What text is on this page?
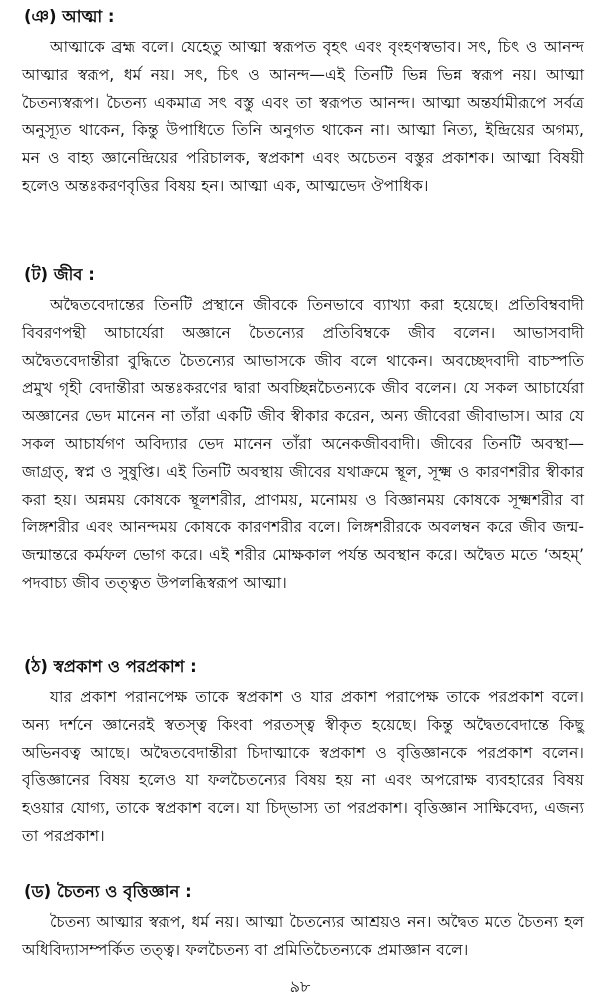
(ঞ) আত্মা :

আত্মাকে ব্রহ্ম বলে। যেহেতু আত্মা স্বরূপত বৃহৎ এবং বৃংহণস্বভাব। সৎ, চিৎ ও আনন্দ আত্মার স্বরূপ, ধর্ম নয়। সৎ, চিৎ ও আনন্দ—এই তিনটি ভিন্ন ভিন্ন স্বরূপ নয়। আত্মা চৈতন্যস্বরূপ। চৈতন্য একমাত্র সৎ বস্তু এবং তা স্বরূপত আনন্দ। আত্মা অন্তর্যামীরূপে সর্বত্র অনুস্যূত থাকেন, কিন্তু উপাধিতে তিনি অনুগত থাকেন না। আত্মা নিত্য, ইন্দ্রিয়ের অগম্য, মন ও বাহ্য জ্ঞানেন্দ্রিয়ের পরিচালক, স্বপ্রকাশ এবং অচেতন বস্তুর প্রকাশক। আত্মা বিষয়ী হলেও অন্তঃকরণবৃত্তির বিষয় হন। আত্মা এক, আত্মভেদ ঔপাধিক।

(ট) জীব :

অদ্বৈতবেদান্তের তিনটি প্রস্থানে জীবকে তিনভাবে ব্যাখ্যা করা হয়েছে। প্রতিবিম্ববাদী বিবরণপন্থী আচার্যেরা অজ্ঞানে চৈতন্যের প্রতিবিম্বকে জীব বলেন। আভাসবাদী অদ্বৈতবেদান্তীরা বুদ্ধিতে চৈতন্যের আভাসকে জীব বলে থাকেন। অবচ্ছেদবাদী বাচস্পতি প্রমুখ গৃহী বেদান্তীরা অন্তঃকরণের দ্বারা অবচ্ছিন্নচৈতন্যকে জীব বলেন। যে সকল আচার্যেরা অজ্ঞানের ভেদ মানেন না তাঁরা একটি জীব স্বীকার করেন, অন্য জীবেরা জীবাভাস। আর যে সকল আচার্যগণ অবিদ্যার ভেদ মানেন তাঁরা অনেকজীববাদী। জীবের তিনটি অবস্থা—জাগ্রত্‌, স্বপ্ন ও সুষুপ্তি। এই তিনটি অবস্থায় জীবের যথাক্রমে স্থূল, সূক্ষ্ম ও কারণশরীর স্বীকার করা হয়। অন্নময় কোষকে স্থূলশরীর, প্রাণময়, মনোময় ও বিজ্ঞানময় কোষকে সূক্ষ্মশরীর বা লিঙ্গশরীর এবং আনন্দময় কোষকে কারণশরীর বলে। লিঙ্গশরীরকে অবলম্বন করে জীব জন্ম-জন্মান্তরে কর্মফল ভোগ করে। এই শরীর মোক্ষকাল পর্যন্ত অবস্থান করে। অদ্বৈত মতে ‘অহম্‌’ পদবাচ্য জীব তত্ত্বত উপলব্ধিস্বরূপ আত্মা।

(ঠ) স্বপ্রকাশ ও পরপ্রকাশ :

যার প্রকাশ পরানপেক্ষ তাকে স্বপ্রকাশ ও যার প্রকাশ পরাপেক্ষ তাকে পরপ্রকাশ বলে। অন্য দর্শনে জ্ঞানেরই স্বতস্ত্ব কিংবা পরতস্ত্ব স্বীকৃত হয়েছে। কিন্তু অদ্বৈতবেদান্তে কিছু অভিনবত্ব আছে। অদ্বৈতবেদান্তীরা চিদাত্মাকে স্বপ্রকাশ ও বৃত্তিজ্ঞানকে পরপ্রকাশ বলেন। বৃত্তিজ্ঞানের বিষয় হলেও যা ফলচৈতন্যের বিষয় হয় না এবং অপরোক্ষ ব্যবহারের বিষয় হওয়ার যোগ্য, তাকে স্বপ্রকাশ বলে। যা চিদ্‌ভাস্য তা পরপ্রকাশ। বৃত্তিজ্ঞান সাক্ষিবেদ্য, এজন্য তা পরপ্রকাশ।

(ড) চৈতন্য ও বৃত্তিজ্ঞান :

চৈতন্য আত্মার স্বরূপ, ধর্ম নয়। আত্মা চৈতন্যের আশ্রয়ও নন। অদ্বৈত মতে চৈতন্য হল অধিবিদ্যাসম্পর্কিত তত্ত্ব। ফলচৈতন্য বা প্রমিতিচৈতন্যকে প্রমাজ্ঞান বলে।

৯৮
